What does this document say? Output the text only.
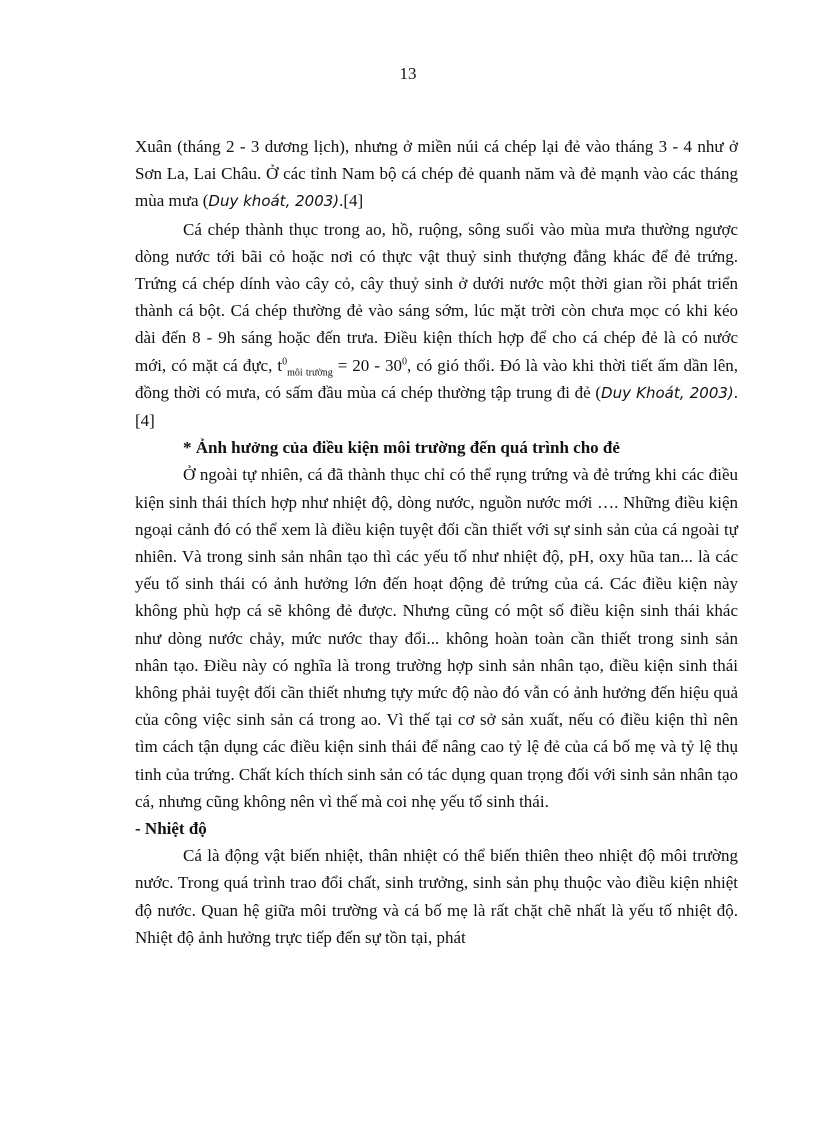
13

Xuân (tháng 2 - 3 dương lịch), nhưng ở miền núi cá chép lại đẻ vào tháng 3 - 4 như ở Sơn La, Lai Châu. Ở các tỉnh Nam bộ cá chép đẻ quanh năm và đẻ mạnh vào các tháng mùa mưa (Duy khoát, 2003).[4]

Cá chép thành thục trong ao, hồ, ruộng, sông suối vào mùa mưa thường ngược dòng nước tới bãi cỏ hoặc nơi có thực vật thuỷ sinh thượng đẳng khác để đẻ trứng. Trứng cá chép dính vào cây cỏ, cây thuỷ sinh ở dưới nước một thời gian rồi phát triển thành cá bột. Cá chép thường đẻ vào sáng sớm, lúc mặt trời còn chưa mọc có khi kéo dài đến 8 - 9h sáng hoặc đến trưa. Điều kiện thích hợp để cho cá chép đẻ là có nước mới, có mặt cá đực, $t^0_{môi trường} = 20 - 30^0$, có gió thổi. Đó là vào khi thời tiết ấm dần lên, đồng thời có mưa, có sấm đầu mùa cá chép thường tập trung đi đẻ (Duy Khoát, 2003).[4]

* Ảnh hưởng của điều kiện môi trường đến quá trình cho đẻ

Ở ngoài tự nhiên, cá đã thành thục chỉ có thể rụng trứng và đẻ trứng khi các điều kiện sinh thái thích hợp như nhiệt độ, dòng nước, nguồn nước mới …. Những điều kiện ngoại cảnh đó có thể xem là điều kiện tuyệt đối cần thiết với sự sinh sản của cá ngoài tự nhiên. Và trong sinh sản nhân tạo thì các yếu tố như nhiệt độ, pH, oxy hũa tan... là các yếu tố sinh thái có ảnh hưởng lớn đến hoạt động đẻ trứng của cá. Các điều kiện này không phù hợp cá sẽ không đẻ được. Nhưng cũng có một số điều kiện sinh thái khác như dòng nước chảy, mức nước thay đổi... không hoàn toàn cần thiết trong sinh sản nhân tạo. Điều này có nghĩa là trong trường hợp sinh sản nhân tạo, điều kiện sinh thái không phải tuyệt đối cần thiết nhưng tựy mức độ nào đó vẫn có ảnh hưởng đến hiệu quả của công việc sinh sản cá trong ao. Vì thế tại cơ sở sản xuất, nếu có điều kiện thì nên tìm cách tận dụng các điều kiện sinh thái để nâng cao tỷ lệ đẻ của cá bố mẹ và tỷ lệ thụ tinh của trứng. Chất kích thích sinh sản có tác dụng quan trọng đối với sinh sản nhân tạo cá, nhưng cũng không nên vì thế mà coi nhẹ yếu tố sinh thái.

- Nhiệt độ

Cá là động vật biến nhiệt, thân nhiệt có thể biến thiên theo nhiệt độ môi trường nước. Trong quá trình trao đổi chất, sinh trưởng, sinh sản phụ thuộc vào điều kiện nhiệt độ nước. Quan hệ giữa môi trường và cá bố mẹ là rất chặt chẽ nhất là yếu tố nhiệt độ. Nhiệt độ ảnh hưởng trực tiếp đến sự tồn tại, phát
